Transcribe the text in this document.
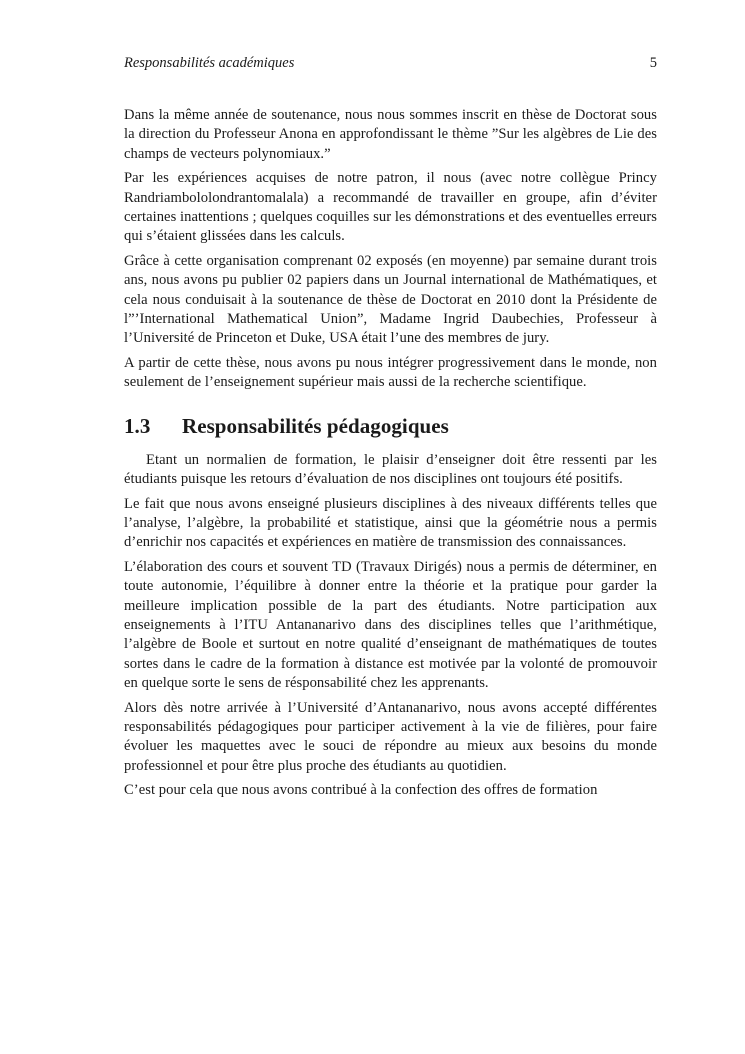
Responsabilités académiques	5

Dans la même année de soutenance, nous nous sommes inscrit en thèse de Doctorat sous la direction du Professeur Anona en approfondissant le thème ”Sur les algèbres de Lie des champs de vecteurs polynomiaux.”

Par les expériences acquises de notre patron, il nous (avec notre collègue Princy Randriambololondrantomalala) a recommandé de travailler en groupe, afin d’éviter certaines inattentions ; quelques coquilles sur les démonstrations et des eventuelles erreurs qui s’étaient glissées dans les calculs.

Grâce à cette organisation comprenant 02 exposés (en moyenne) par semaine durant trois ans, nous avons pu publier 02 papiers dans un Journal international de Mathématiques, et cela nous conduisait à la soutenance de thèse de Doctorat en 2010 dont la Présidente de l”’International Mathematical Union”, Madame Ingrid Daubechies, Professeur à l’Université de Princeton et Duke, USA était l’une des membres de jury.

A partir de cette thèse, nous avons pu nous intégrer progressivement dans le monde, non seulement de l’enseignement supérieur mais aussi de la recherche scientifique.

1.3 Responsabilités pédagogiques

Etant un normalien de formation, le plaisir d’enseigner doit être ressenti par les étudiants puisque les retours d’évaluation de nos disciplines ont toujours été positifs.

Le fait que nous avons enseigné plusieurs disciplines à des niveaux différents telles que l’analyse, l’algèbre, la probabilité et statistique, ainsi que la géométrie nous a permis d’enrichir nos capacités et expériences en matière de transmission des connaissances.

L’élaboration des cours et souvent TD (Travaux Dirigés) nous a permis de déterminer, en toute autonomie, l’équilibre à donner entre la théorie et la pratique pour garder la meilleure implication possible de la part des étudiants. Notre participation aux enseignements à l’ITU Antananarivo dans des disciplines telles que l’arithmétique, l’algèbre de Boole et surtout en notre qualité d’enseignant de mathématiques de toutes sortes dans le cadre de la formation à distance est motivée par la volonté de promouvoir en quelque sorte le sens de résponsabilité chez les apprenants.

Alors dès notre arrivée à l’Université d’Antananarivo, nous avons accepté différentes responsabilités pédagogiques pour participer activement à la vie de filières, pour faire évoluer les maquettes avec le souci de répondre au mieux aux besoins du monde professionnel et pour être plus proche des étudiants au quotidien.

C’est pour cela que nous avons contribué à la confection des offres de formation
